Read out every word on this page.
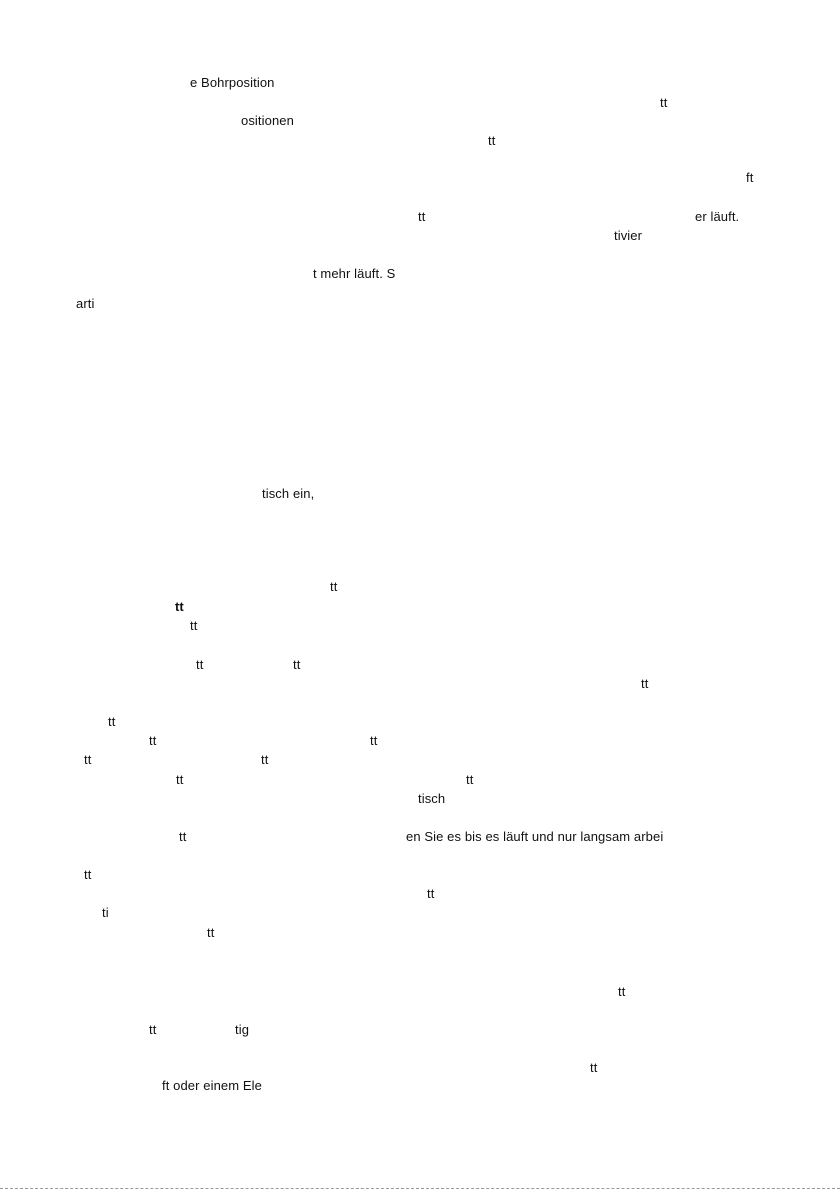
e Bohrposition
tt
ositionen
tt
ft
tt	er läuft.
tivier
t mehr läuft. S
arti
tisch ein,
tt
tt
tt
tt	tt
tt
tt
tt	tt
tt	tt
tt	tt
tisch
tt	en Sie es bis es läuft und nur langsam arbei
tt
tt
ti
tt
tt
tt	tig
tt
ft oder einem Ele
